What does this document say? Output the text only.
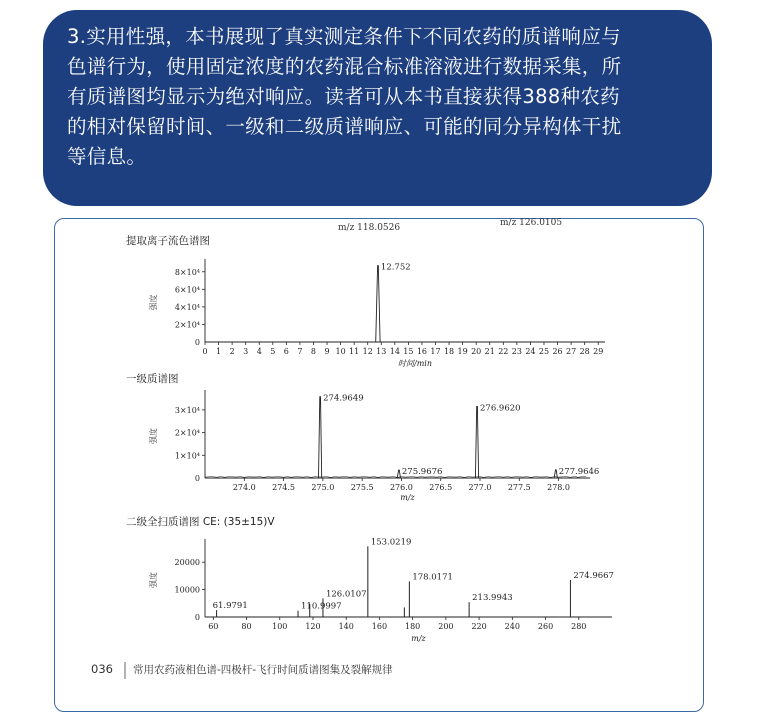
3.实用性强，本书展现了真实测定条件下不同农药的质谱响应与
色谱行为，使用固定浓度的农药混合标准溶液进行数据采集，所
有质谱图均显示为绝对响应。读者可从本书直接获得388种农药
的相对保留时间、一级和二级质谱响应、可能的同分异构体干扰
等信息。
m/z 118.0526	m/z 126.0105
036 常用农药液相色谱-四极杆-飞行时间质谱图集及裂解规律
提取离子流色谱图
强度
0
2×10⁴
4×10⁴
6×10⁴
8×10⁴
0 1 2 3 4 5 6 7 8 9 10 11 12 13 14 15 16 17 18 19 20 21 22 23 24 25 26 27 28 29
时间/min
12.752
一级质谱图
强度
0
1×10⁴
2×10⁴
3×10⁴
274.0 274.5 275.0 275.5 276.0 276.5 277.0 277.5 278.0
m/z
274.9649
275.9676
276.9620
277.9646
二级全扫质谱图 CE: (35±15)V
强度
0
10000
20000
60	80	100 120 140 160 180 200 220 240 260 280
m/z
61.9791	110.9997
126.0107
153.0219
178.0171
213.9943
274.9667
